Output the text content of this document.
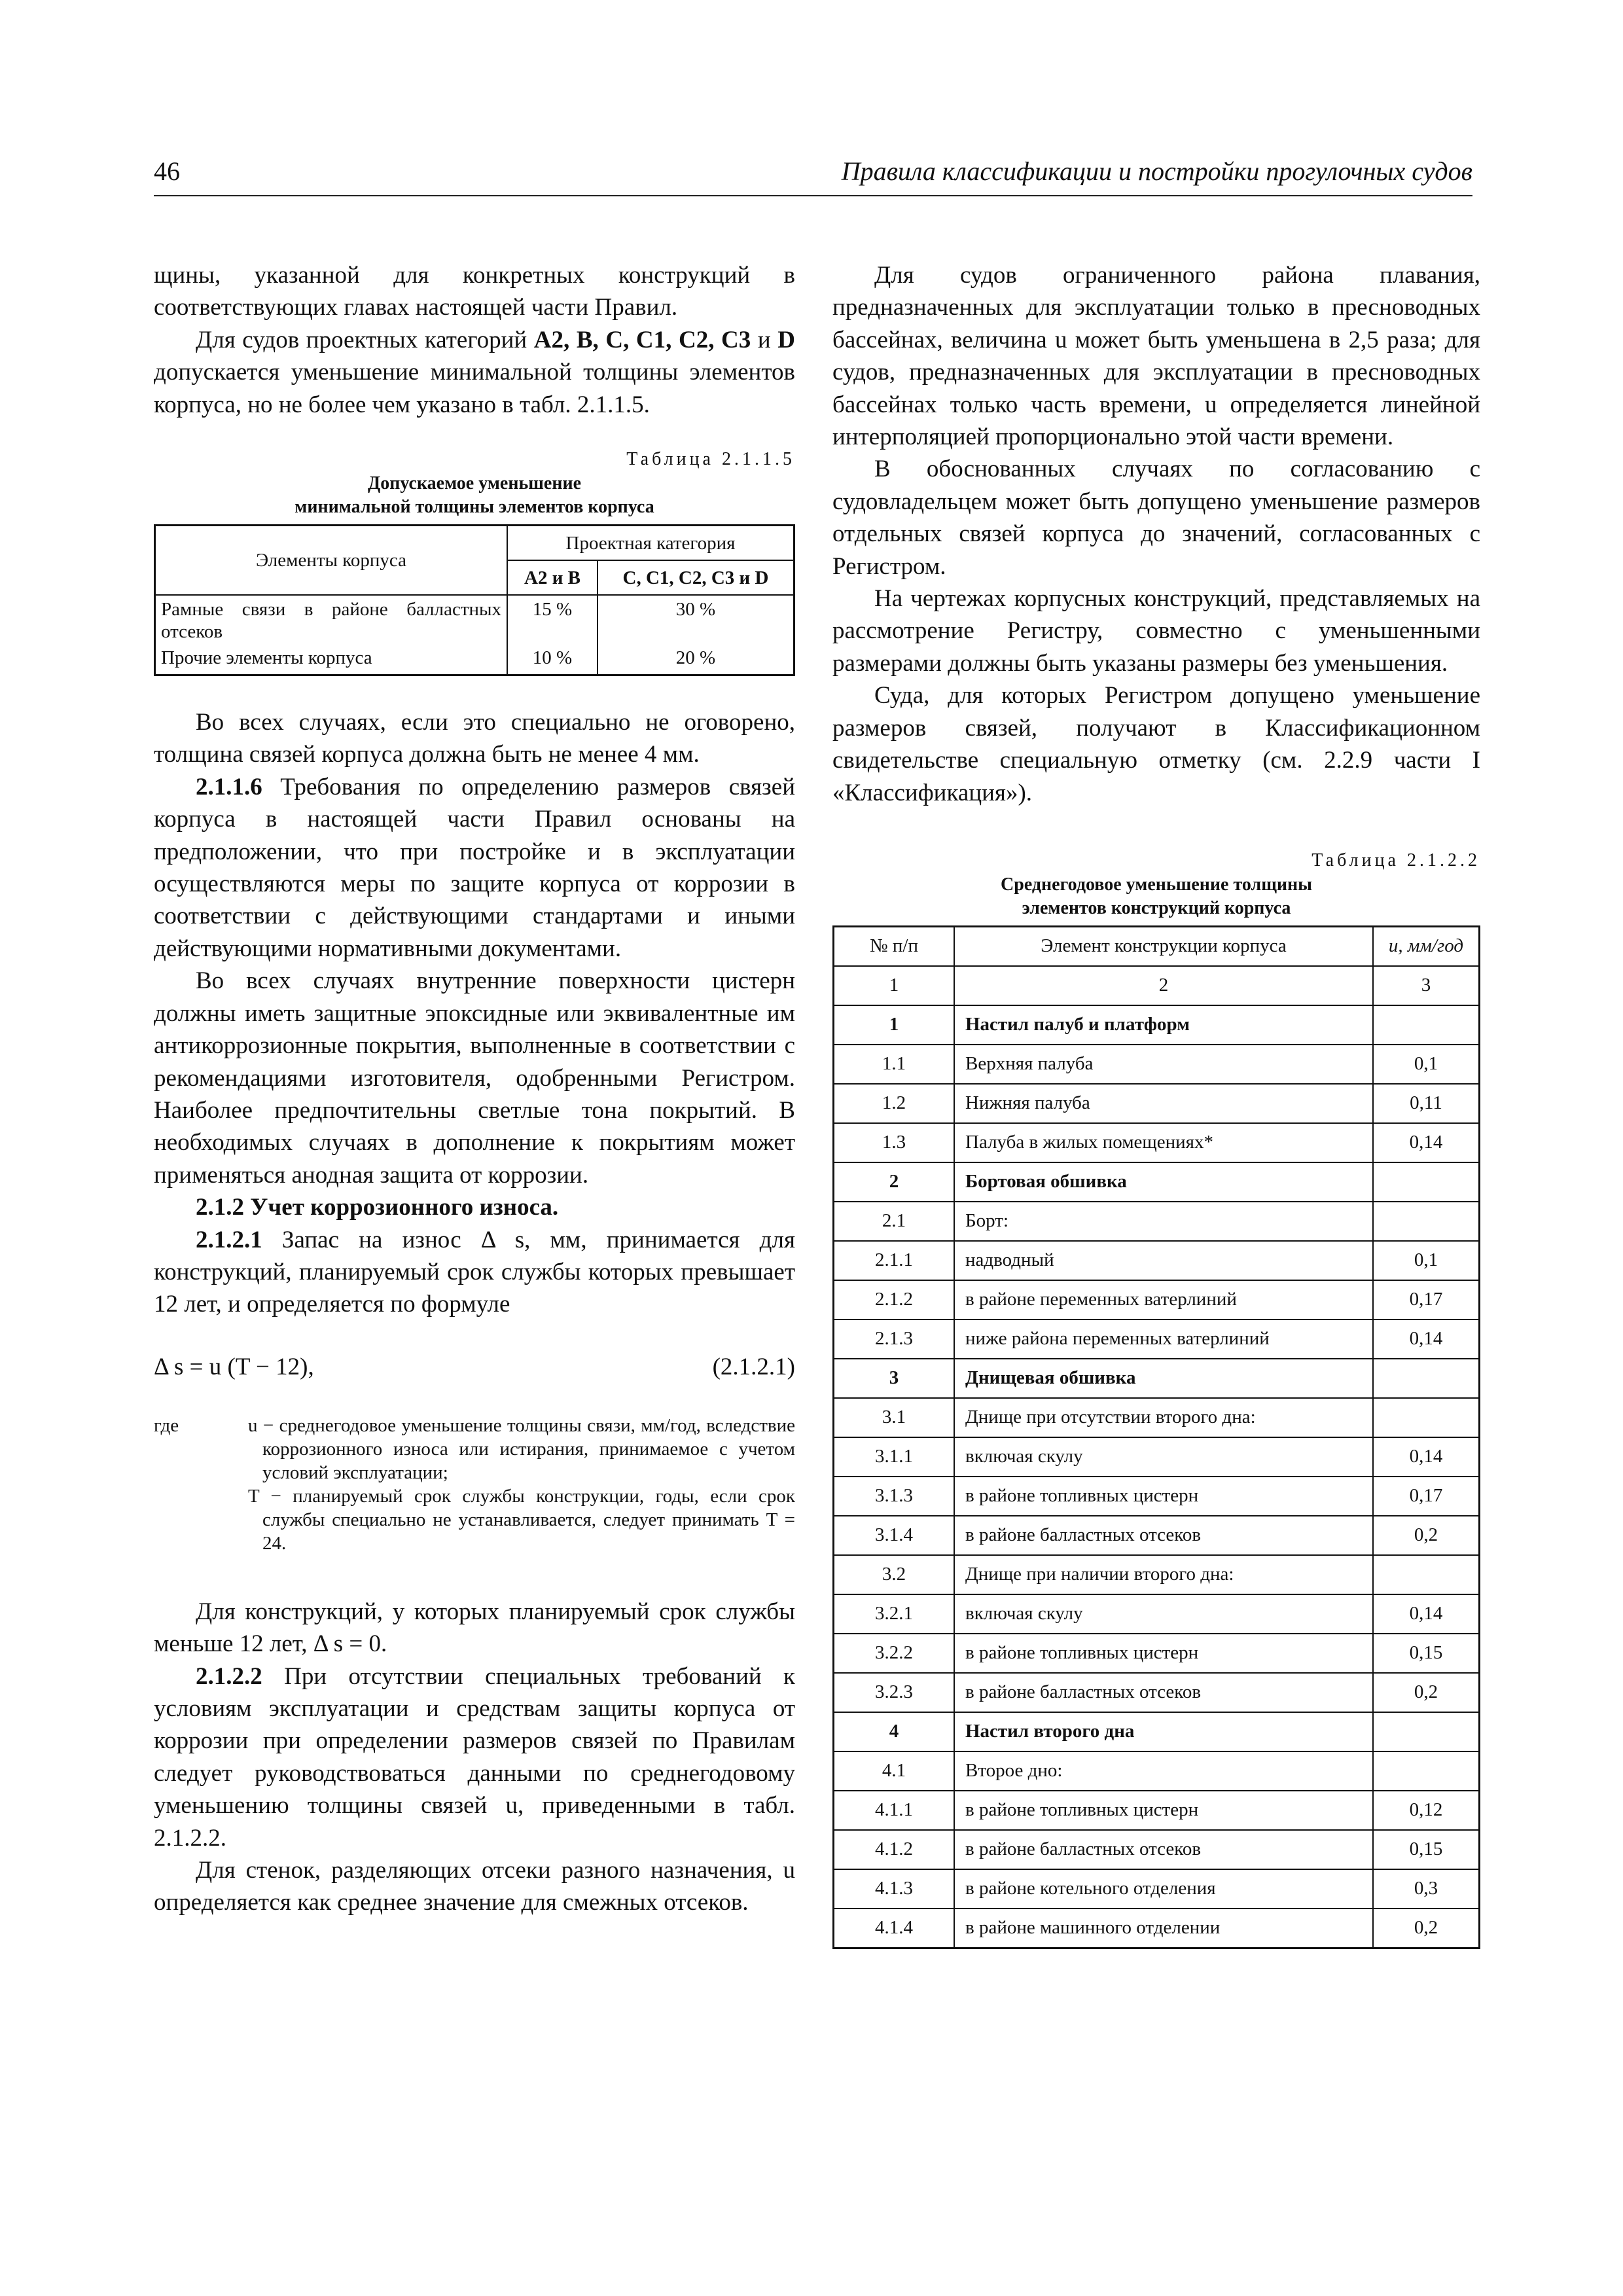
46	Правила классификации и постройки прогулочных судов

щины, указанной для конкретных конструкций в соответствующих главах настоящей части Правил.

Для судов проектных категорий A2, B, C, C1, C2, C3 и D допускается уменьшение минимальной толщины элементов корпуса, но не более чем указано в табл. 2.1.1.5.

Таблица 2.1.1.5
Допускаемое уменьшение
минимальной толщины элементов корпуса
Элементы корпуса	Проектная категория	
	A2 и B	C, C1, C2, C3 и D
Рамные связи в районе балластных отсеков	15 %	30 %
Прочие элементы корпуса	10 %	20 %

Во всех случаях, если это специально не оговорено, толщина связей корпуса должна быть не менее 4 мм.

2.1.1.6 Требования по определению размеров связей корпуса в настоящей части Правил основаны на предположении, что при постройке и в эксплуатации осуществляются меры по защите корпуса от коррозии в соответствии с действующими стандартами и иными действующими нормативными документами.

Во всех случаях внутренние поверхности цистерн должны иметь защитные эпоксидные или эквивалентные им антикоррозионные покрытия, выполненные в соответствии с рекомендациями изготовителя, одобренными Регистром. Наиболее предпочтительны светлые тона покрытий. В необходимых случаях в дополнение к покрытиям может применяться анодная защита от коррозии.

2.1.2 Учет коррозионного износа.

2.1.2.1 Запас на износ Δ s, мм, принимается для конструкций, планируемый срок службы которых превышает 12 лет, и определяется по формуле

Δ s = u (T − 12),	(2.1.2.1)
где	u − среднегодовое уменьшение толщины связи, мм/год, вследствие коррозионного износа или истирания, принимаемое с учетом условий эксплуатации;
T − планируемый срок службы конструкции, годы, если срок службы специально не устанавливается, следует принимать T = 24.

Для конструкций, у которых планируемый срок службы меньше 12 лет, Δ s = 0.

2.1.2.2 При отсутствии специальных требований к условиям эксплуатации и средствам защиты корпуса от коррозии при определении размеров связей по Правилам следует руководствоваться данными по среднегодовому уменьшению толщины связей u, приведенными в табл. 2.1.2.2.

Для стенок, разделяющих отсеки разного назначения, u определяется как среднее значение для смежных отсеков.

Для судов ограниченного района плавания, предназначенных для эксплуатации только в пресноводных бассейнах, величина u может быть уменьшена в 2,5 раза; для судов, предназначенных для эксплуатации в пресноводных бассейнах только часть времени, u определяется линейной интерполяцией пропорционально этой части времени.

В обоснованных случаях по согласованию с судовладельцем может быть допущено уменьшение размеров отдельных связей корпуса до значений, согласованных с Регистром.

На чертежах корпусных конструкций, представляемых на рассмотрение Регистру, совместно с уменьшенными размерами должны быть указаны размеры без уменьшения.

Суда, для которых Регистром допущено уменьшение размеров связей, получают в Классификационном свидетельстве специальную отметку (см. 2.2.9 части I «Классификация»).

Таблица 2.1.2.2
Среднегодовое уменьшение толщины
элементов конструкций корпуса
№ п/п	Элемент конструкции корпуса	u, мм/год
1	2	3
1	Настил палуб и платформ	
1.1	Верхняя палуба	0,1
1.2	Нижняя палуба	0,11
1.3	Палуба в жилых помещениях*	0,14
2	Бортовая обшивка	
2.1	Борт:	
2.1.1	надводный	0,1
2.1.2	в районе переменных ватерлиний	0,17
2.1.3	ниже района переменных ватерлиний	0,14
3	Днищевая обшивка	
3.1	Днище при отсутствии второго дна:	
3.1.1	включая скулу	0,14
3.1.3	в районе топливных цистерн	0,17
3.1.4	в районе балластных отсеков	0,2
3.2	Днище при наличии второго дна:	
3.2.1	включая скулу	0,14
3.2.2	в районе топливных цистерн	0,15
3.2.3	в районе балластных отсеков	0,2
4	Настил второго дна	
4.1	Второе дно:	
4.1.1	в районе топливных цистерн	0,12
4.1.2	в районе балластных отсеков	0,15
4.1.3	в районе котельного отделения	0,3
4.1.4	в районе машинного отделении	0,2
